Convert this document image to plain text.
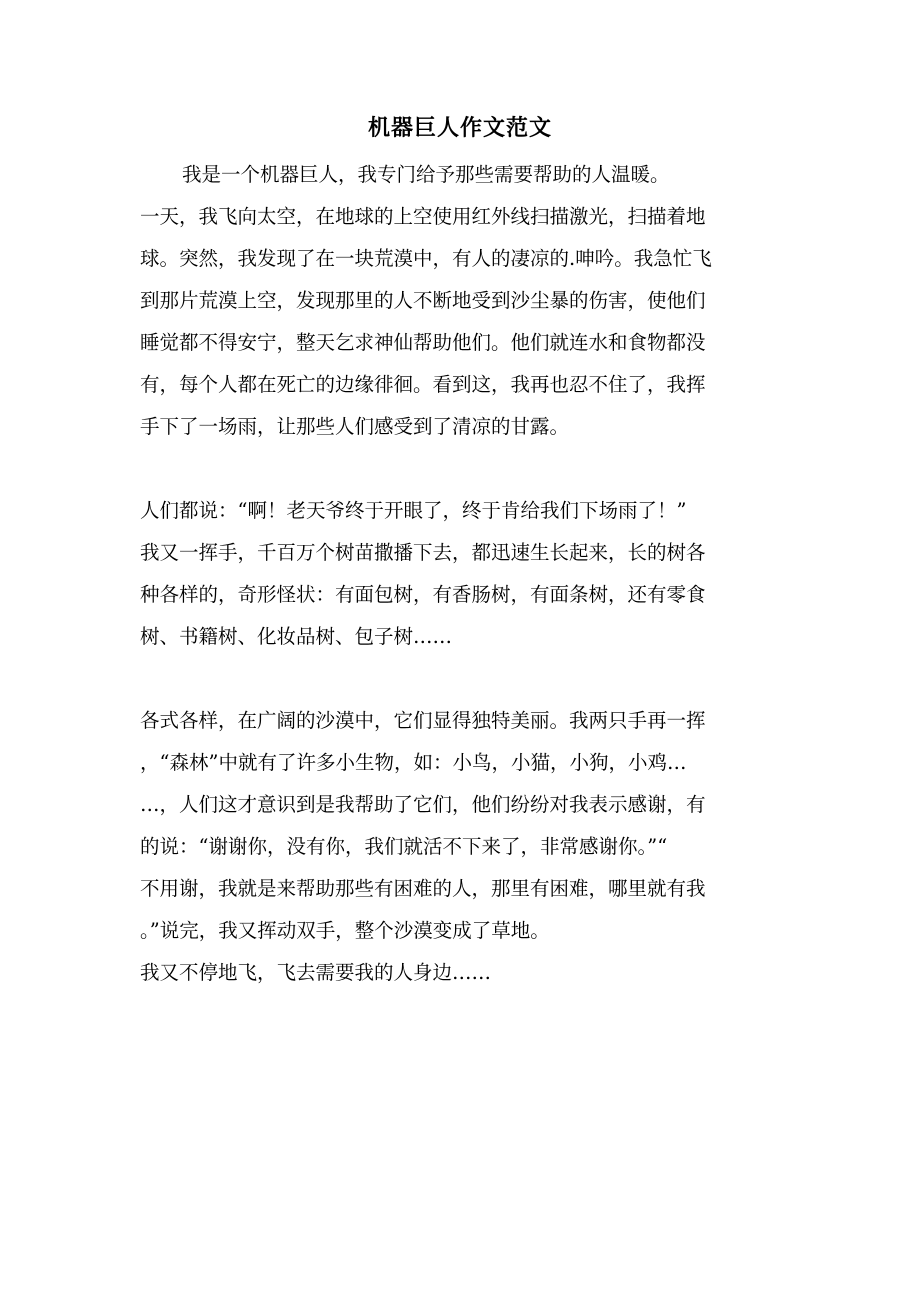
机器巨人作文范文
我是一个机器巨人，我专门给予那些需要帮助的人温暖。
一天，我飞向太空，在地球的上空使用红外线扫描激光，扫描着地
球。突然，我发现了在一块荒漠中，有人的凄凉的.呻吟。我急忙飞
到那片荒漠上空，发现那里的人不断地受到沙尘暴的伤害，使他们
睡觉都不得安宁，整天乞求神仙帮助他们。他们就连水和食物都没
有，每个人都在死亡的边缘徘徊。看到这，我再也忍不住了，我挥
手下了一场雨，让那些人们感受到了清凉的甘露。
人们都说：“啊！老天爷终于开眼了，终于肯给我们下场雨了！”
我又一挥手，千百万个树苗撒播下去，都迅速生长起来，长的树各
种各样的，奇形怪状：有面包树，有香肠树，有面条树，还有零食
树、书籍树、化妆品树、包子树……
各式各样，在广阔的沙漠中，它们显得独特美丽。我两只手再一挥
，“森林”中就有了许多小生物，如：小鸟，小猫，小狗，小鸡…
…，人们这才意识到是我帮助了它们，他们纷纷对我表示感谢，有
的说：“谢谢你，没有你，我们就活不下来了，非常感谢你。”“
不用谢，我就是来帮助那些有困难的人，那里有困难，哪里就有我
。”说完，我又挥动双手，整个沙漠变成了草地。
我又不停地飞，飞去需要我的人身边……
